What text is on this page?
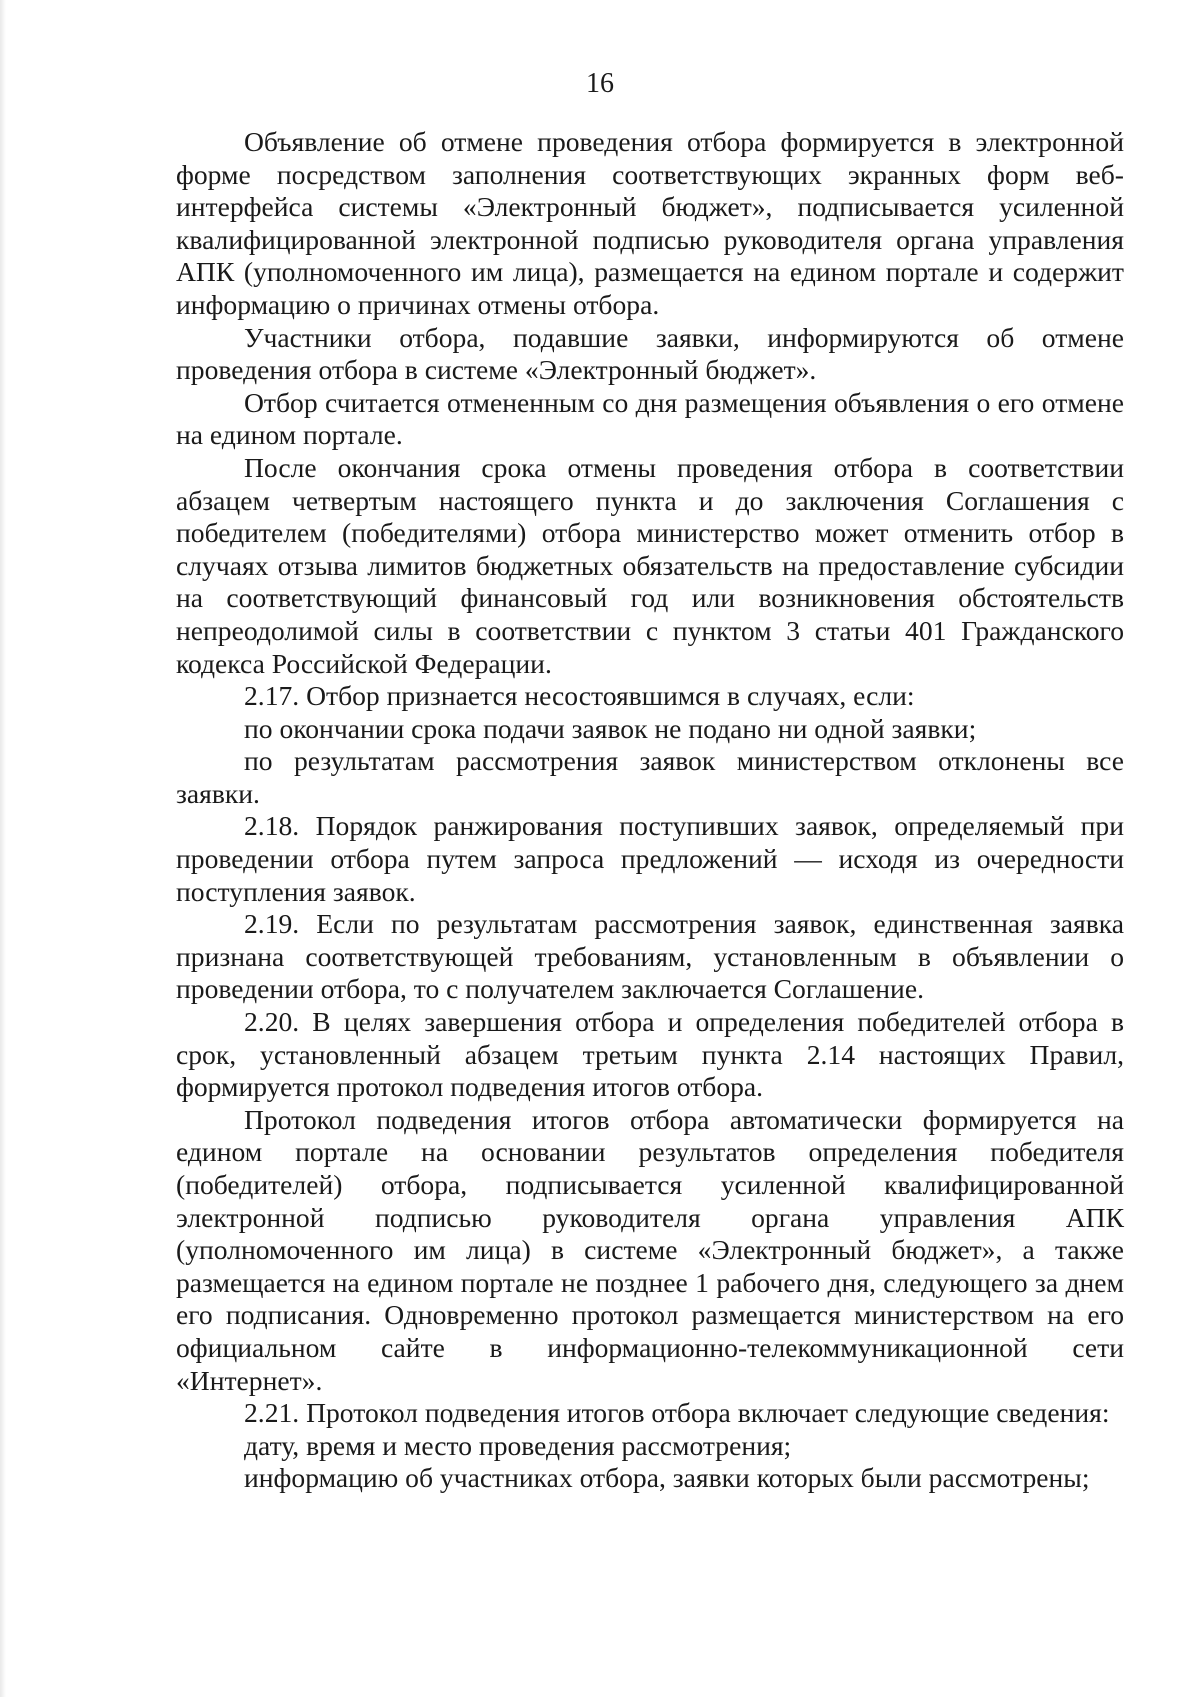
16

Объявление об отмене проведения отбора формируется в электронной форме посредством заполнения соответствующих экранных форм веб-интерфейса системы «Электронный бюджет», подписывается усиленной квалифицированной электронной подписью руководителя органа управления АПК (уполномоченного им лица), размещается на едином портале и содержит информацию о причинах отмены отбора.

Участники отбора, подавшие заявки, информируются об отмене проведения отбора в системе «Электронный бюджет».

Отбор считается отмененным со дня размещения объявления о его отмене на едином портале.

После окончания срока отмены проведения отбора в соответствии абзацем четвертым настоящего пункта и до заключения Соглашения с победителем (победителями) отбора министерство может отменить отбор в случаях отзыва лимитов бюджетных обязательств на предоставление субсидии на соответствующий финансовый год или возникновения обстоятельств непреодолимой силы в соответствии с пунктом 3 статьи 401 Гражданского кодекса Российской Федерации.

2.17. Отбор признается несостоявшимся в случаях, если:

по окончании срока подачи заявок не подано ни одной заявки;

по результатам рассмотрения заявок министерством отклонены все заявки.

2.18. Порядок ранжирования поступивших заявок, определяемый при проведении отбора путем запроса предложений — исходя из очередности поступления заявок.

2.19. Если по результатам рассмотрения заявок, единственная заявка признана соответствующей требованиям, установленным в объявлении о проведении отбора, то с получателем заключается Соглашение.

2.20. В целях завершения отбора и определения победителей отбора в срок, установленный абзацем третьим пункта 2.14 настоящих Правил, формируется протокол подведения итогов отбора.

Протокол подведения итогов отбора автоматически формируется на едином портале на основании результатов определения победителя (победителей) отбора, подписывается усиленной квалифицированной электронной подписью руководителя органа управления АПК (уполномоченного им лица) в системе «Электронный бюджет», а также размещается на едином портале не позднее 1 рабочего дня, следующего за днем его подписания. Одновременно протокол размещается министерством на его официальном сайте в информационно-телекоммуникационной сети «Интернет».

2.21. Протокол подведения итогов отбора включает следующие сведения:

дату, время и место проведения рассмотрения;

информацию об участниках отбора, заявки которых были рассмотрены;
